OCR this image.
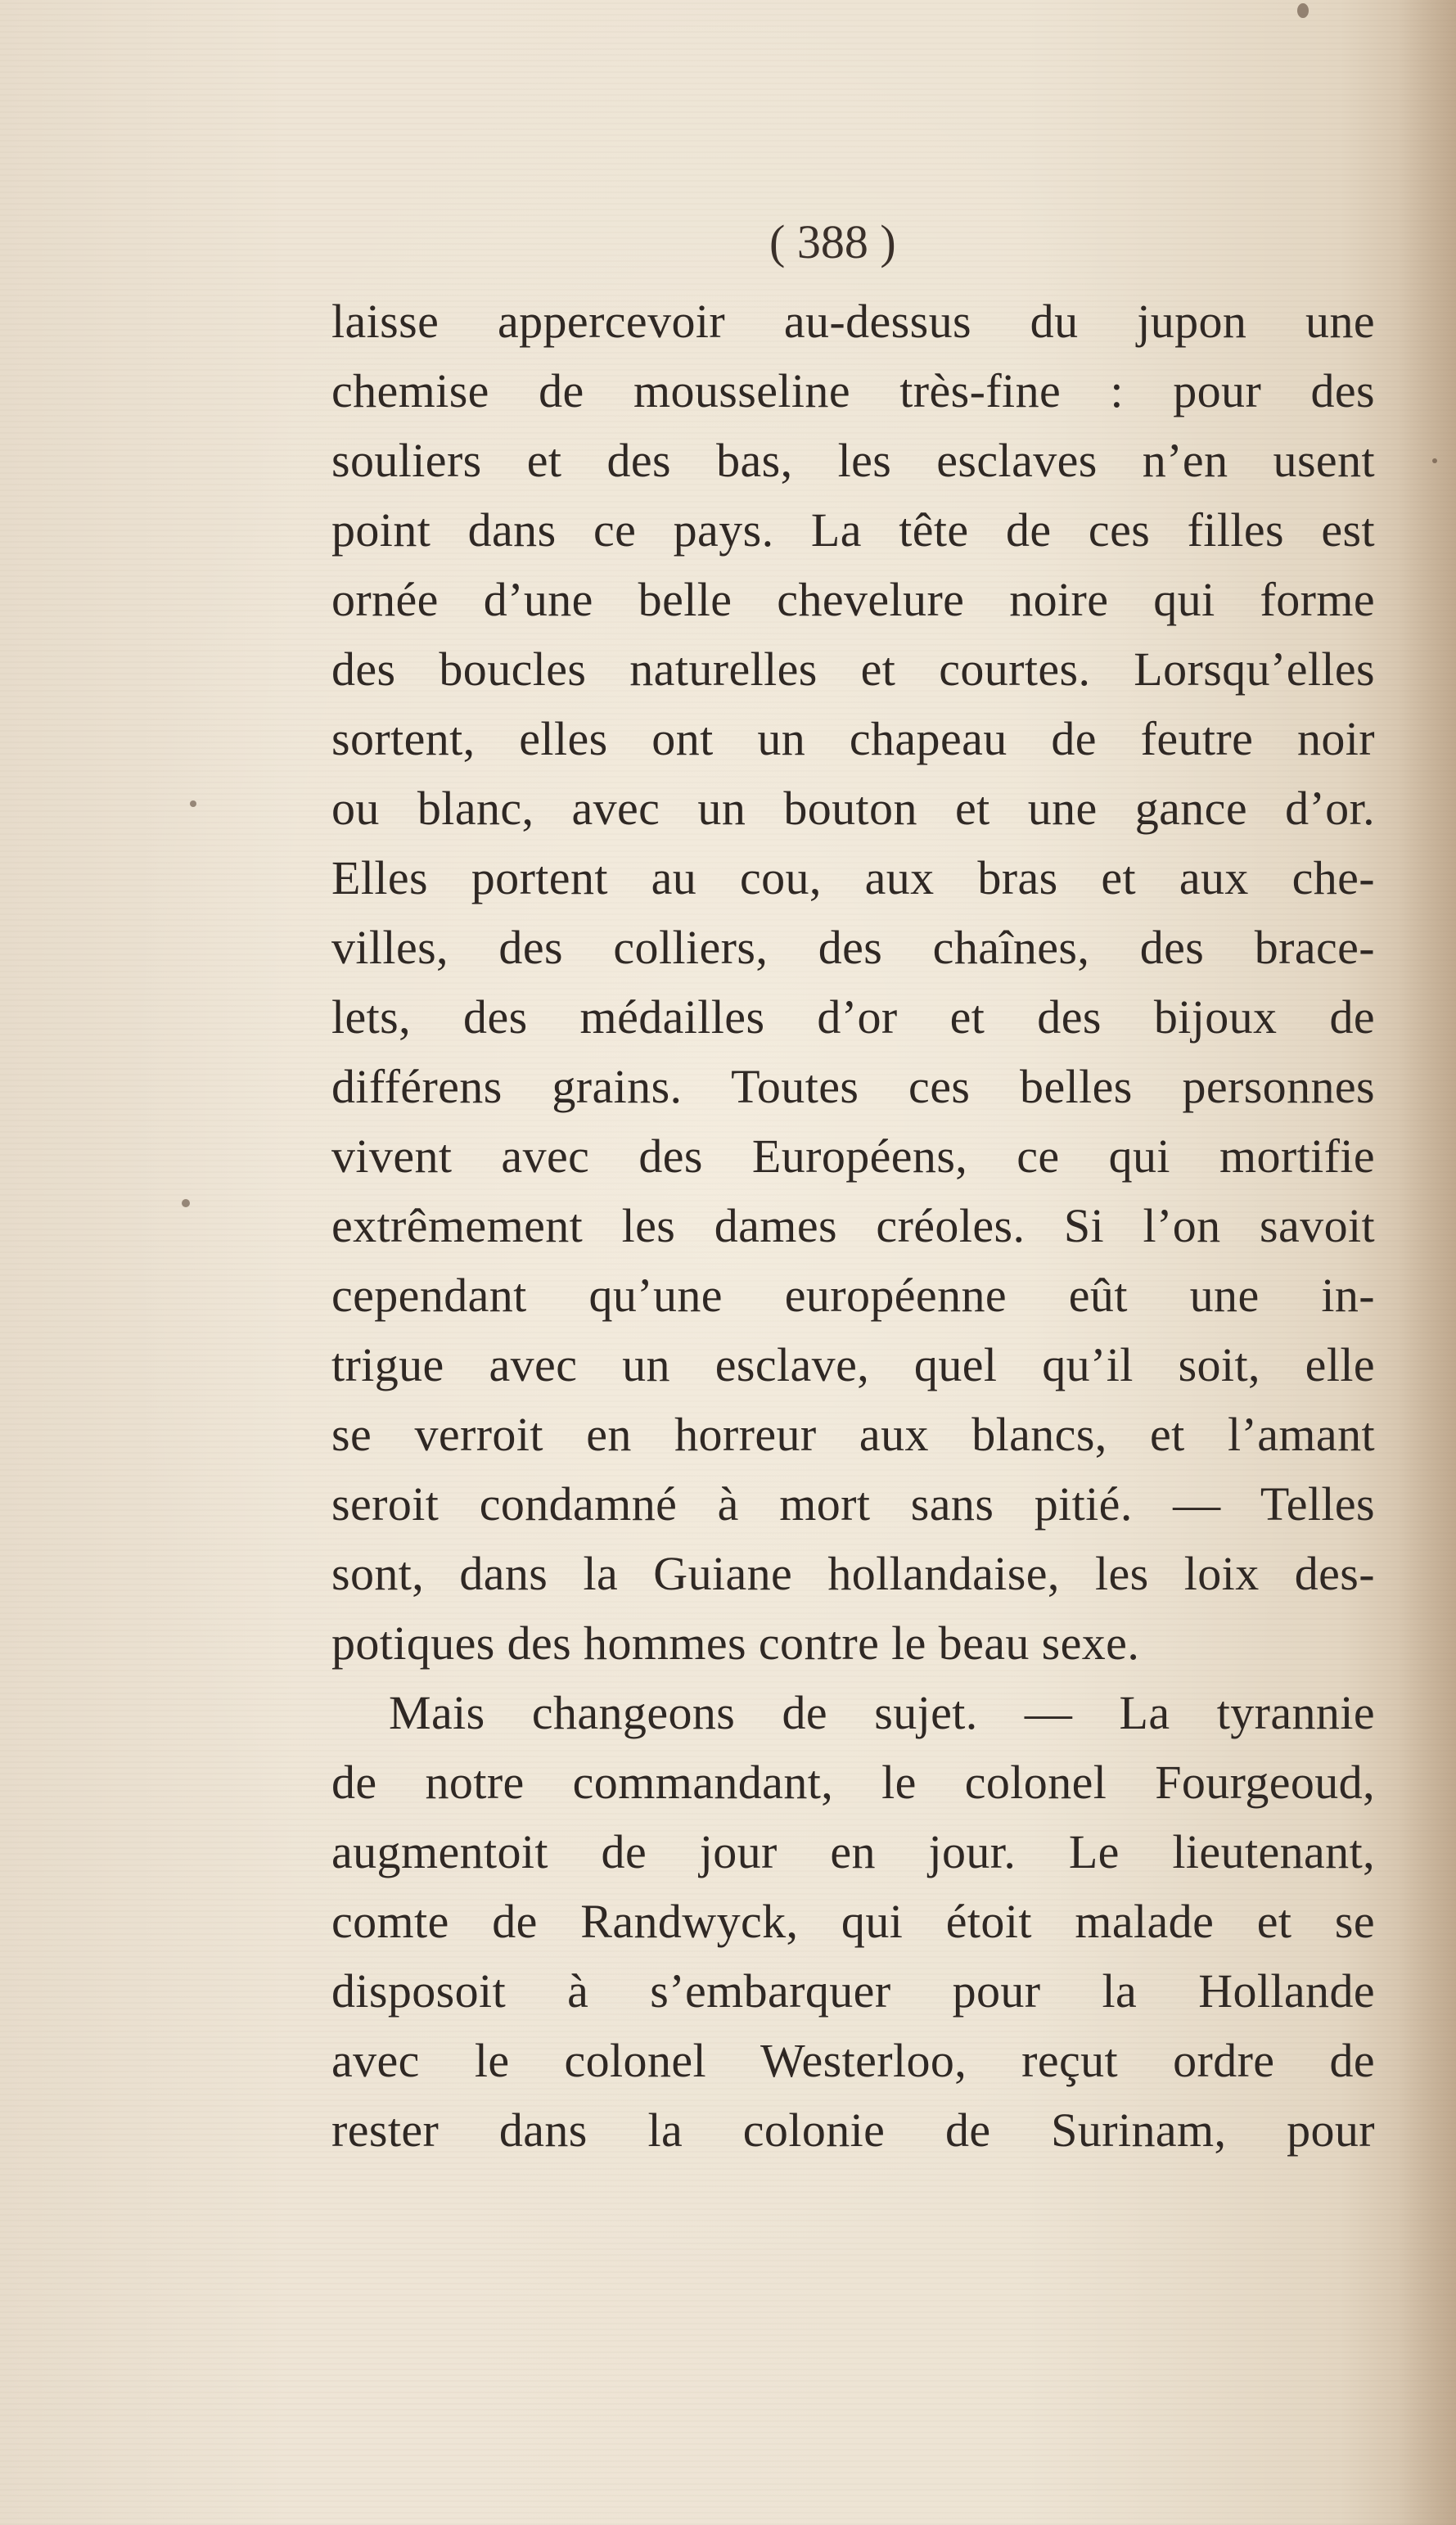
( 388 )
laisse appercevoir au-dessus du jupon une
chemise de mousseline très-fine : pour des
souliers et des bas, les esclaves n’en usent
point dans ce pays. La tête de ces filles est
ornée d’une belle chevelure noire qui forme
des boucles naturelles et courtes. Lorsqu’elles
sortent, elles ont un chapeau de feutre noir
ou blanc, avec un bouton et une gance d’or.
Elles portent au cou, aux bras et aux che-
villes, des colliers, des chaînes, des brace-
lets, des médailles d’or et des bijoux de
différens grains. Toutes ces belles personnes
vivent avec des Européens, ce qui mortifie
extrêmement les dames créoles. Si l’on savoit
cependant qu’une européenne eût une in-
trigue avec un esclave, quel qu’il soit, elle
se verroit en horreur aux blancs, et l’amant
seroit condamné à mort sans pitié. — Telles
sont, dans la Guiane hollandaise, les loix des-
potiques des hommes contre le beau sexe.
Mais changeons de sujet. — La tyrannie
de notre commandant, le colonel Fourgeoud,
augmentoit de jour en jour. Le lieutenant,
comte de Randwyck, qui étoit malade et se
disposoit à s’embarquer pour la Hollande
avec le colonel Westerloo, reçut ordre de
rester dans la colonie de Surinam, pour
